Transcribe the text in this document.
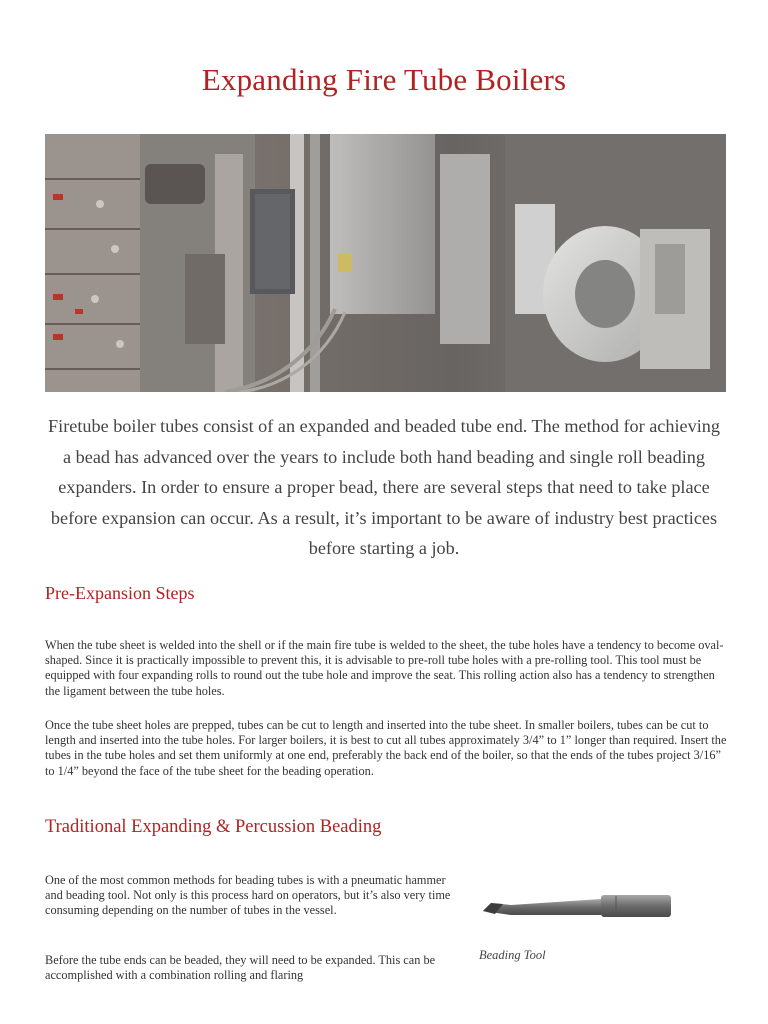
Expanding Fire Tube Boilers

Firetube boiler tubes consist of an expanded and beaded tube end. The method for achieving a bead has advanced over the years to include both hand beading and single roll beading expanders. In order to ensure a proper bead, there are several steps that need to take place before expansion can occur. As a result, it’s important to be aware of industry best practices before starting a job.

Pre-Expansion Steps

When the tube sheet is welded into the shell or if the main fire tube is welded to the sheet, the tube holes have a tendency to become oval-shaped. Since it is practically impossible to prevent this, it is advisable to pre-roll tube holes with a pre-rolling tool. This tool must be equipped with four expanding rolls to round out the tube hole and improve the seat. This rolling action also has a tendency to strengthen the ligament between the tube holes.

Once the tube sheet holes are prepped, tubes can be cut to length and inserted into the tube sheet. In smaller boilers, tubes can be cut to length and inserted into the tube holes. For larger boilers, it is best to cut all tubes approximately 3/4” to 1” longer than required. Insert the tubes in the tube holes and set them uniformly at one end, preferably the back end of the boiler, so that the ends of the tubes project 3/16” to 1/4” beyond the face of the tube sheet for the beading operation.

Traditional Expanding & Percussion Beading

One of the most common methods for beading tubes is with a pneumatic hammer and beading tool. Not only is this process hard on operators, but it’s also very time consuming depending on the number of tubes in the vessel.

Before the tube ends can be beaded, they will need to be expanded. This can be accomplished with a combination rolling and flaring

Beading Tool
